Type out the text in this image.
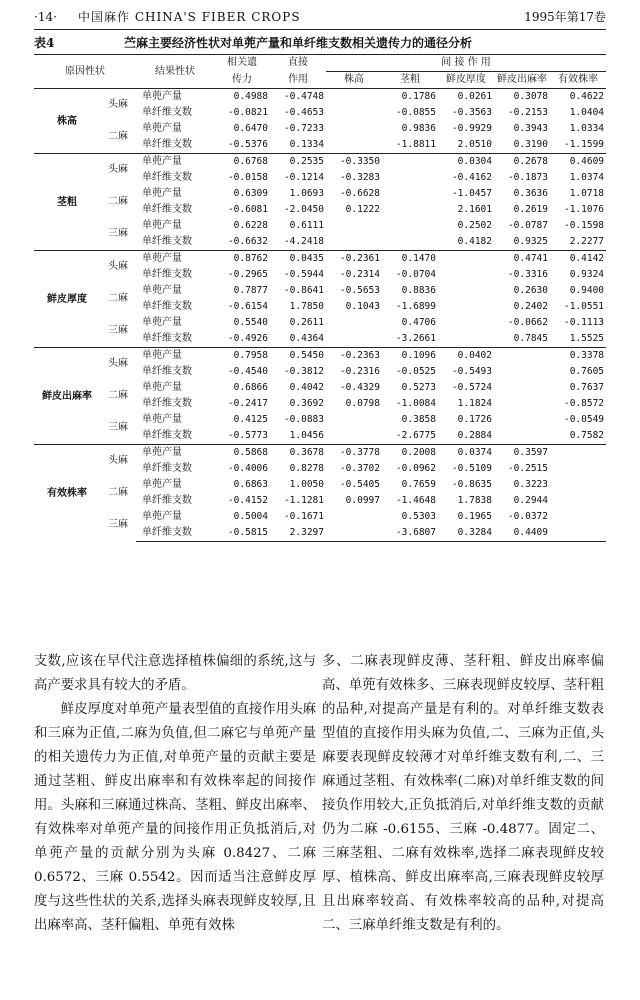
·14· 中国麻作 CHINA'S FIBER CROPS	1995年第17卷
表4	苎麻主要经济性状对单蔸产量和单纤维支数相关遗传力的通径分析
原因性状		结果性状	相关遗	直接	间 接 作 用				
			传力	作用	株高	茎粗	鲜皮厚度	鲜皮出麻率	有效株率
株高	头麻	单蔸产量	0.4988	-0.4748		0.1786	0.0261	0.3078	0.4622
		单纤维支数	-0.0821	-0.4653		-0.0855	-0.3563	-0.2153	1.0404
	二麻	单蔸产量	0.6470	-0.7233		0.9836	-0.9929	0.3943	1.0334
		单纤维支数	-0.5376	0.1334		-1.8811	2.0510	0.3190	-1.1599
茎粗	头麻	单蔸产量	0.6768	0.2535	-0.3350		0.0304	0.2678	0.4609
		单纤维支数	-0.0158	-0.1214	-0.3283		-0.4162	-0.1873	1.0374
	二麻	单蔸产量	0.6309	1.0693	-0.6628		-1.0457	0.3636	1.0718
		单纤维支数	-0.6081	-2.0450	0.1222		2.1601	0.2619	-1.1076
	三麻	单蔸产量	0.6228	0.6111			0.2502	-0.0787	-0.1598
		单纤维支数	-0.6632	-4.2418			0.4182	0.9325	2.2277
鲜皮厚度	头麻	单蔸产量	0.8762	0.0435	-0.2361	0.1470		0.4741	0.4142
		单纤维支数	-0.2965	-0.5944	-0.2314	-0.0704		-0.3316	0.9324
	二麻	单蔸产量	0.7877	-0.8641	-0.5653	0.8836		0.2630	0.9400
		单纤维支数	-0.6154	1.7850	0.1043	-1.6899		0.2402	-1.0551
	三麻	单蔸产量	0.5540	0.2611		0.4706		-0.0662	-0.1113
		单纤维支数	-0.4926	0.4364		-3.2661		0.7845	1.5525
鲜皮出麻率	头麻	单蔸产量	0.7958	0.5450	-0.2363	0.1096	0.0402		0.3378
		单纤维支数	-0.4540	-0.3812	-0.2316	-0.0525	-0.5493		0.7605
	二麻	单蔸产量	0.6866	0.4042	-0.4329	0.5273	-0.5724		0.7637
		单纤维支数	-0.2417	0.3692	0.0798	-1.0084	1.1824		-0.8572
	三麻	单蔸产量	0.4125	-0.0883		0.3858	0.1726		-0.0549
		单纤维支数	-0.5773	1.0456		-2.6775	0.2884		0.7582
有效株率	头麻	单蔸产量	0.5868	0.3678	-0.3778	0.2008	0.0374	0.3597	
		单纤维支数	-0.4006	0.8278	-0.3702	-0.0962	-0.5109	-0.2515	
	二麻	单蔸产量	0.6863	1.0050	-0.5405	0.7659	-0.8635	0.3223	
		单纤维支数	-0.4152	-1.1281	0.0997	-1.4648	1.7838	0.2944	
	三麻	单蔸产量	0.5004	-0.1671		0.5303	0.1965	-0.0372	
		单纤维支数	-0.5815	2.3297		-3.6807	0.3284	0.4409	

支数,应该在早代注意选择植株偏细的系统,这与高产要求具有较大的矛盾。

鲜皮厚度对单蔸产量表型值的直接作用头麻和三麻为正值,二麻为负值,但二麻它与单蔸产量的相关遗传力为正值,对单蔸产量的贡献主要是通过茎粗、鲜皮出麻率和有效株率起的间接作用。头麻和三麻通过株高、茎粗、鲜皮出麻率、有效株率对单蔸产量的间接作用正负抵消后,对单蔸产量的贡献分别为头麻 0.8427、二麻 0.6572、三麻 0.5542。因而适当注意鲜皮厚度与这些性状的关系,选择头麻表现鲜皮较厚,且出麻率高、茎秆偏粗、单蔸有效株

多、二麻表现鲜皮薄、茎秆粗、鲜皮出麻率偏高、单蔸有效株多、三麻表现鲜皮较厚、茎秆粗的品种,对提高产量是有利的。对单纤维支数表型值的直接作用头麻为负值,二、三麻为正值,头麻要表现鲜皮较薄才对单纤维支数有利,二、三麻通过茎粗、有效株率(二麻)对单纤维支数的间接负作用较大,正负抵消后,对单纤维支数的贡献仍为二麻 -0.6155、三麻 -0.4877。固定二、三麻茎粗、二麻有效株率,选择二麻表现鲜皮较厚、植株高、鲜皮出麻率高,三麻表现鲜皮较厚且出麻率较高、有效株率较高的品种,对提高二、三麻单纤维支数是有利的。
